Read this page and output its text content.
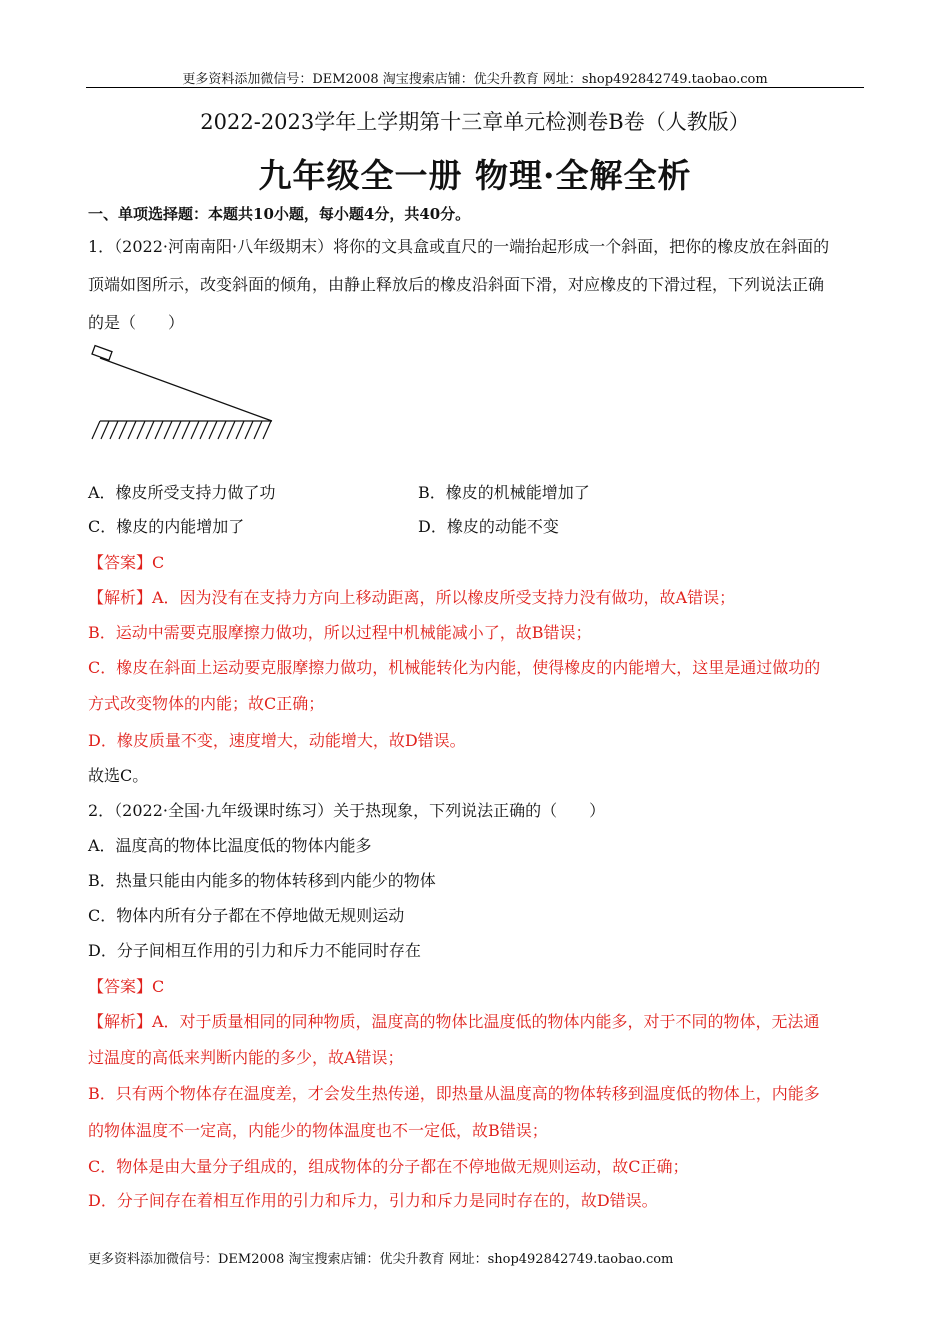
更多资料添加微信号：DEM2008 淘宝搜索店铺：优尖升教育 网址：shop492842749.taobao.com
2022-2023学年上学期第十三章单元检测卷B卷（人教版）
九年级全一册 物理·全解全析
一、单项选择题：本题共10小题，每小题4分，共40分。
1．（2022·河南南阳·八年级期末）将你的文具盒或直尺的一端抬起形成一个斜面，把你的橡皮放在斜面的
顶端如图所示，改变斜面的倾角，由静止释放后的橡皮沿斜面下滑，对应橡皮的下滑过程，下列说法正确
的是（　　）
A．橡皮所受支持力做了功	B．橡皮的机械能增加了
C．橡皮的内能增加了	D．橡皮的动能不变
【答案】C
【解析】A．因为没有在支持力方向上移动距离，所以橡皮所受支持力没有做功，故A错误；
B．运动中需要克服摩擦力做功，所以过程中机械能减小了，故B错误；
C．橡皮在斜面上运动要克服摩擦力做功，机械能转化为内能，使得橡皮的内能增大，这里是通过做功的
方式改变物体的内能；故C正确；
D．橡皮质量不变，速度增大，动能增大，故D错误。
故选C。
2．（2022·全国·九年级课时练习）关于热现象，下列说法正确的（　　）
A．温度高的物体比温度低的物体内能多
B．热量只能由内能多的物体转移到内能少的物体
C．物体内所有分子都在不停地做无规则运动
D．分子间相互作用的引力和斥力不能同时存在
【答案】C
【解析】A．对于质量相同的同种物质，温度高的物体比温度低的物体内能多，对于不同的物体，无法通
过温度的高低来判断内能的多少，故A错误；
B．只有两个物体存在温度差，才会发生热传递，即热量从温度高的物体转移到温度低的物体上，内能多
的物体温度不一定高，内能少的物体温度也不一定低，故B错误；
C．物体是由大量分子组成的，组成物体的分子都在不停地做无规则运动，故C正确；
D．分子间存在着相互作用的引力和斥力，引力和斥力是同时存在的，故D错误。
更多资料添加微信号：DEM2008 淘宝搜索店铺：优尖升教育 网址：shop492842749.taobao.com
